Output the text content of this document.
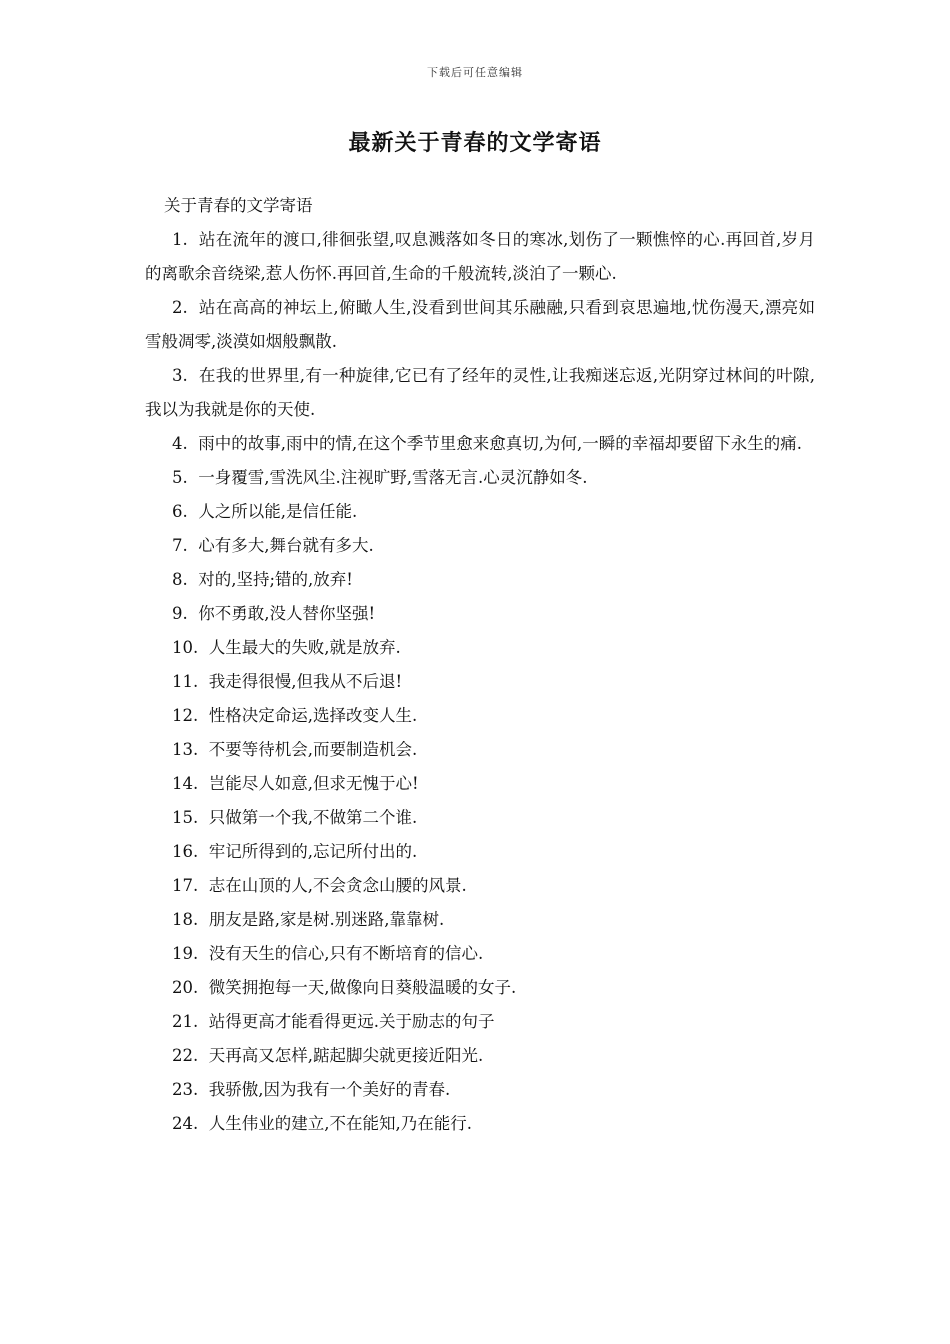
下载后可任意编辑
最新关于青春的文学寄语

关于青春的文学寄语

1. 站在流年的渡口,徘徊张望,叹息溅落如冬日的寒冰,划伤了一颗憔悴的心.再回首,岁月的离歌余音绕梁,惹人伤怀.再回首,生命的千般流转,淡泊了一颗心.
2. 站在高高的神坛上,俯瞰人生,没看到世间其乐融融,只看到哀思遍地,忧伤漫天,漂亮如雪般凋零,淡漠如烟般飘散.
3. 在我的世界里,有一种旋律,它已有了经年的灵性,让我痴迷忘返,光阴穿过林间的叶隙,我以为我就是你的天使.
4. 雨中的故事,雨中的情,在这个季节里愈来愈真切,为何,一瞬的幸福却要留下永生的痛.
5. 一身覆雪,雪洗风尘.注视旷野,雪落无言.心灵沉静如冬.
6. 人之所以能,是信任能.
7. 心有多大,舞台就有多大.
8. 对的,坚持;错的,放弃!
9. 你不勇敢,没人替你坚强!
10. 人生最大的失败,就是放弃.
11. 我走得很慢,但我从不后退!
12. 性格决定命运,选择改变人生.
13. 不要等待机会,而要制造机会.
14. 岂能尽人如意,但求无愧于心!
15. 只做第一个我,不做第二个谁.
16. 牢记所得到的,忘记所付出的.
17. 志在山顶的人,不会贪念山腰的风景.
18. 朋友是路,家是树.别迷路,靠靠树.
19. 没有天生的信心,只有不断培育的信心.
20. 微笑拥抱每一天,做像向日葵般温暖的女子.
21. 站得更高才能看得更远.关于励志的句子
22. 天再高又怎样,踮起脚尖就更接近阳光.
23. 我骄傲,因为我有一个美好的青春.
24. 人生伟业的建立,不在能知,乃在能行.
